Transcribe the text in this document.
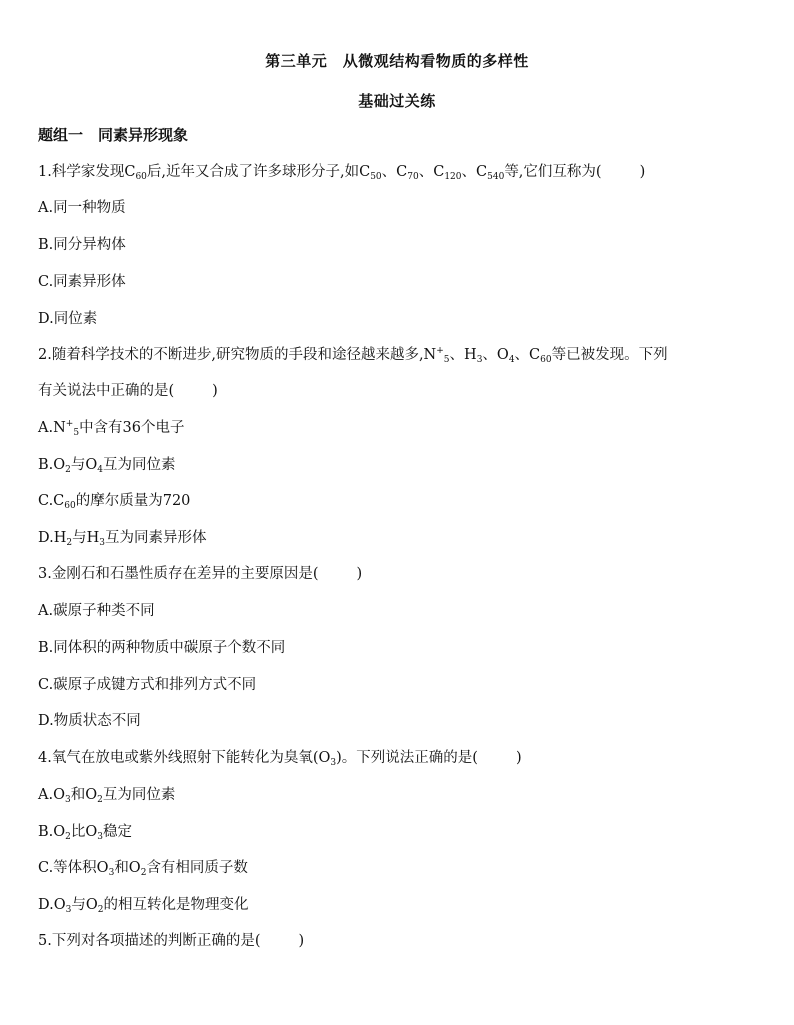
第三单元　从微观结构看物质的多样性
基础过关练
题组一　同素异形现象
1.科学家发现$C_{60}$后,近年又合成了许多球形分子,如$C_{50}$、$C_{70}$、$C_{120}$、$C_{540}$等,它们互称为(	)
A.同一种物质
B.同分异构体
C.同素异形体
D.同位素
2.随着科学技术的不断进步,研究物质的手段和途径越来越多$,N^+_5$、$H_3$、$O_4$、$C_{60}$等已被发现。下列
有关说法中正确的是(	)
$A.N^+_5$中含有36个电子
$B.O_2$与$O_4$互为同位素
$C.C_{60}$的摩尔质量为720
$D.H_2$与$H_3$互为同素异形体
3.金刚石和石墨性质存在差异的主要原因是(	)
A.碳原子种类不同
B.同体积的两种物质中碳原子个数不同
C.碳原子成键方式和排列方式不同
D.物质状态不同
4.氧气在放电或紫外线照射下能转化为臭氧$(O_3)$。下列说法正确的是(	)
$A.O_3$和$O_2$互为同位素
$B.O_2$比$O_3$稳定
C.等体积$O_3$和$O_2$含有相同质子数
$D.O_3$与$O_2$的相互转化是物理变化
5.下列对各项描述的判断正确的是(	)
